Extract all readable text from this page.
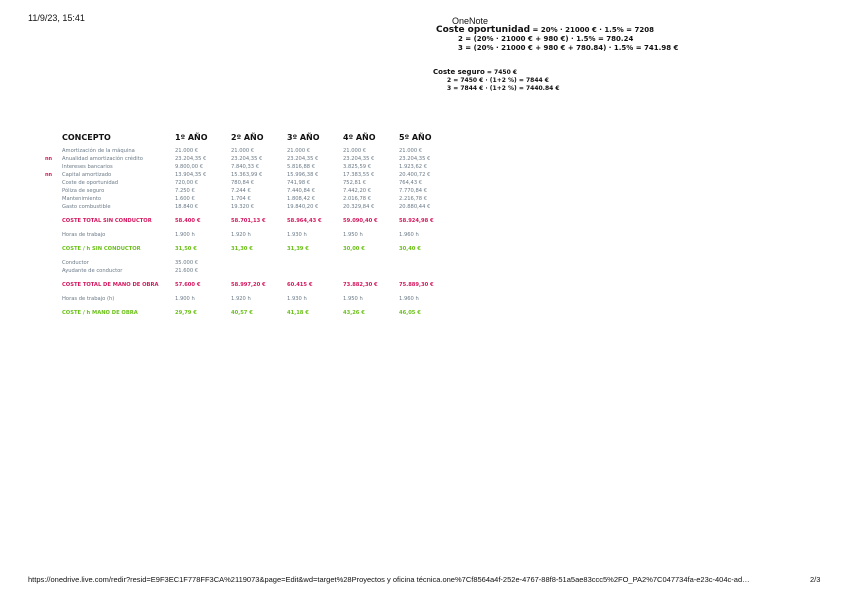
11/9/23, 15:41	OneNote
Coste oportunidad = 20% · 21000 € · 1.5% = 7208
2 = (20% · 21000 € + 980 €) · 1.5% = 780.24
3 = (20% · 21000 € + 980 € + 780.84) · 1.5% = 741.98 €
Coste seguro = 7450 €
2 = 7450 € · (1+2 %) = 7844 €
3 = 7844 € · (1+2 %) = 7440.84 €
CONCEPTO	1º AÑO	2º AÑO	3º AÑO	4º AÑO	5º AÑO
Amortización de la máquina	21.000 €	21.000 €	21.000 €	21.000 €	21.000 €
nn Anualidad amortización crédito	23.204,35 €	23.204,35 €	23.204,35 €	23.204,35 €	23.204,35 €
Intereses bancarios	9.800,00 €	7.840,33 €	5.816,88 €	3.825,59 €	1.923,62 €
nn Capital amortizado	13.904,35 €	15.363,99 €	15.996,38 €	17.383,55 €	20.400,72 €
Coste de oportunidad	720,00 €	780,84 €	741,98 €	752,81 €	764,43 €
Póliza de seguro	7.250 €	7.244 €	7.440,84 €	7.442,20 €	7.770,84 €
Mantenimiento	1.600 €	1.704 €	1.808,42 €	2.016,78 €	2.216,78 €
Gasto combustible	18.840 €	19.320 €	19.840,20 €	20.329,84 €	20.880,44 €
COSTE TOTAL SIN CONDUCTOR	58.400 €	58.701,13 €	58.964,43 €	59.090,40 €	58.924,98 €
Horas de trabajo	1.900 h	1.920 h	1.930 h	1.950 h	1.960 h
COSTE / h SIN CONDUCTOR	31,50 €	31,30 €	31,39 €	30,00 €	30,40 €
Conductor	35.000 €
Ayudante de conductor	21.600 €
COSTE TOTAL DE MANO DE OBRA	57.600 €	58.997,20 €	60.415 €	73.882,30 €	75.889,30 €
Horas de trabajo (h)	1.900 h	1.920 h	1.930 h	1.950 h	1.960 h
COSTE / h MANO DE OBRA	29,79 €	40,57 €	41,18 €	43,26 €	46,05 €
https://onedrive.live.com/redir?resid=E9F3EC1F778FF3CA%2119073&page=Edit&wd=target%28Proyectos y oficina técnica.one%7Cf8564a4f-252e-4767-88f8-51a5ae83ccc5%2FO_PA2%7C047734fa-e23c-404c-ad…	2/3
